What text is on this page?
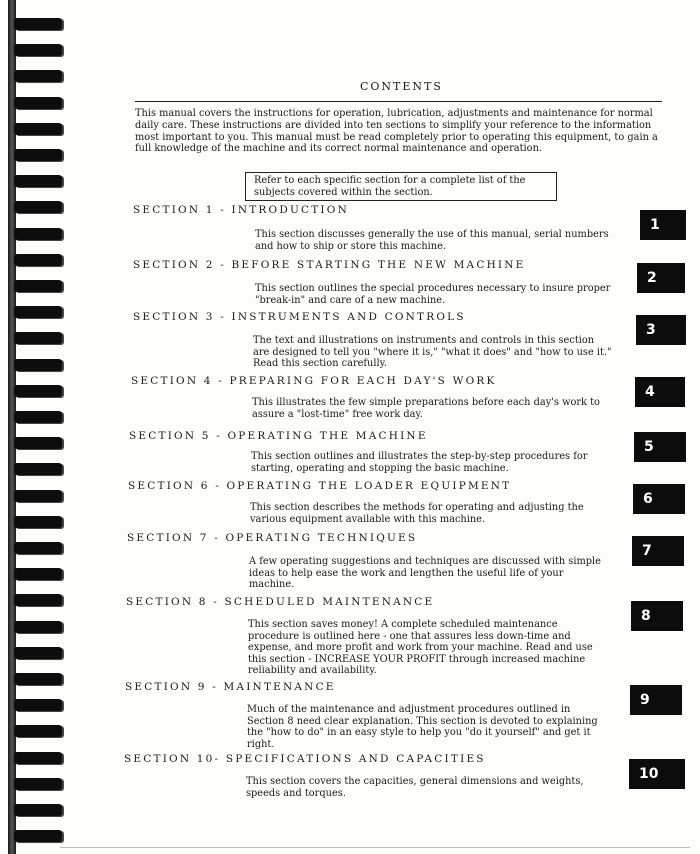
CONTENTS
This manual covers the instructions for operation, lubrication, adjustments and maintenance for normal daily care. These instructions are divided into ten sections to simplify your reference to the information most important to you. This manual must be read completely prior to operating this equipment, to gain a full knowledge of the machine and its correct normal maintenance and operation.
Refer to each specific section for a complete list of the subjects covered within the section.
SECTION 1 - INTRODUCTION
This section discusses generally the use of this manual, serial numbers and how to ship or store this machine.
1
SECTION 2 - BEFORE STARTING THE NEW MACHINE
This section outlines the special procedures necessary to insure proper "break-in" and care of a new machine.
2
SECTION 3 - INSTRUMENTS AND CONTROLS
The text and illustrations on instruments and controls in this section are designed to tell you "where it is," "what it does" and "how to use it." Read this section carefully.
3
SECTION 4 - PREPARING FOR EACH DAY'S WORK
This illustrates the few simple preparations before each day's work to assure a "lost-time" free work day.
4
SECTION 5 - OPERATING THE MACHINE
This section outlines and illustrates the step-by-step procedures for starting, operating and stopping the basic machine.
5
SECTION 6 - OPERATING THE LOADER EQUIPMENT
This section describes the methods for operating and adjusting the various equipment available with this machine.
6
SECTION 7 - OPERATING TECHNIQUES
A few operating suggestions and techniques are discussed with simple ideas to help ease the work and lengthen the useful life of your machine.
7
SECTION 8 - SCHEDULED MAINTENANCE
This section saves money! A complete scheduled maintenance procedure is outlined here - one that assures less down-time and expense, and more profit and work from your machine. Read and use this section - INCREASE YOUR PROFIT through increased machine reliability and availability.
8
SECTION 9 - MAINTENANCE
Much of the maintenance and adjustment procedures outlined in Section 8 need clear explanation. This section is devoted to explaining the "how to do" in an easy style to help you "do it yourself" and get it right.
9
SECTION 10- SPECIFICATIONS AND CAPACITIES
This section covers the capacities, general dimensions and weights, speeds and torques.
10
